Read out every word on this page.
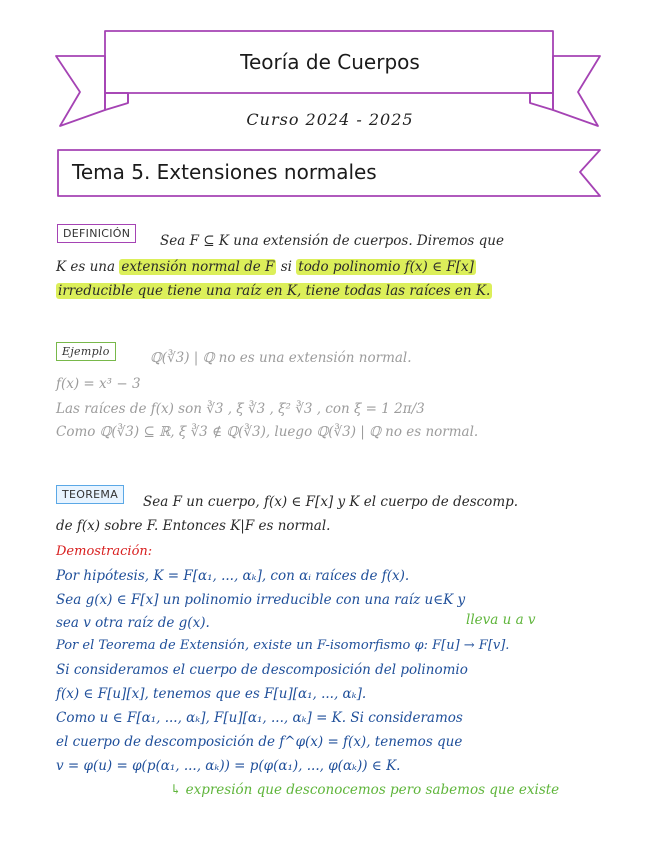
Teoría de Cuerpos
Curso 2024 - 2025
Tema 5. Extensiones normales
DEFINICIÓN	Sea F ⊆ K una extensión de cuerpos. Diremos que
K es una extensión normal de F si todo polinomio f(x) ∈ F[x]
irreducible que tiene una raíz en K, tiene todas las raíces en K.
Ejemplo	ℚ(∛3) | ℚ no es una extensión normal.
f(x) = x³ − 3
Las raíces de f(x) son ∛3 , ξ ∛3 , ξ² ∛3 , con ξ = 1 2π/3
Como ℚ(∛3) ⊆ ℝ, ξ ∛3 ∉ ℚ(∛3), luego ℚ(∛3) | ℚ no es normal.
TEOREMA	Sea F un cuerpo, f(x) ∈ F[x] y K el cuerpo de descomp.
de f(x) sobre F. Entonces K|F es normal.
Demostración:
Por hipótesis, K = F[α₁, ..., αₖ], con αᵢ raíces de f(x).
Sea g(x) ∈ F[x] un polinomio irreducible con una raíz u∈K y
sea v otra raíz de g(x).	lleva u a v
Por el Teorema de Extensión, existe un F-isomorfismo φ: F[u] → F[v].
Si consideramos el cuerpo de descomposición del polinomio
f(x) ∈ F[u][x], tenemos que es F[u][α₁, ..., αₖ].
Como u ∈ F[α₁, ..., αₖ], F[u][α₁, ..., αₖ] = K. Si consideramos
el cuerpo de descomposición de f^φ(x) = f(x), tenemos que
v = φ(u) = φ(p(α₁, ..., αₖ)) = p(φ(α₁), ..., φ(αₖ)) ∈ K.
↳ expresión que desconocemos pero sabemos que existe
